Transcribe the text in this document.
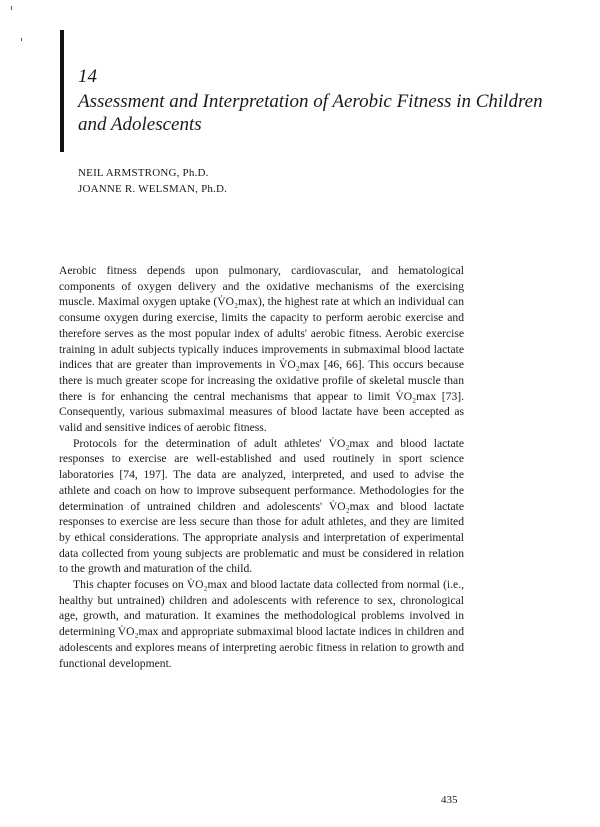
14
Assessment and Interpretation of Aerobic Fitness in Children and Adolescents
NEIL ARMSTRONG, Ph.D.
JOANNE R. WELSMAN, Ph.D.

Aerobic fitness depends upon pulmonary, cardiovascular, and hematological components of oxygen delivery and the oxidative mechanisms of the exercising muscle. Maximal oxygen uptake (V̇O₂max), the highest rate at which an individual can consume oxygen during exercise, limits the capacity to perform aerobic exercise and therefore serves as the most popular index of adults' aerobic fitness. Aerobic exercise training in adult subjects typically induces improvements in submaximal blood lactate indices that are greater than improvements in V̇O₂max [46, 66]. This occurs because there is much greater scope for increasing the oxidative profile of skeletal muscle than there is for enhancing the central mechanisms that appear to limit V̇O₂max [73]. Consequently, various submaximal measures of blood lactate have been accepted as valid and sensitive indices of aerobic fitness.

Protocols for the determination of adult athletes' V̇O₂max and blood lactate responses to exercise are well-established and used routinely in sport science laboratories [74, 197]. The data are analyzed, interpreted, and used to advise the athlete and coach on how to improve subsequent performance. Methodologies for the determination of untrained children and adolescents' V̇O₂max and blood lactate responses to exercise are less secure than those for adult athletes, and they are limited by ethical considerations. The appropriate analysis and interpretation of experimental data collected from young subjects are problematic and must be considered in relation to the growth and maturation of the child.

This chapter focuses on V̇O₂max and blood lactate data collected from normal (i.e., healthy but untrained) children and adolescents with reference to sex, chronological age, growth, and maturation. It examines the methodological problems involved in determining V̇O₂max and appropriate submaximal blood lactate indices in children and adolescents and explores means of interpreting aerobic fitness in relation to growth and functional development.

435
